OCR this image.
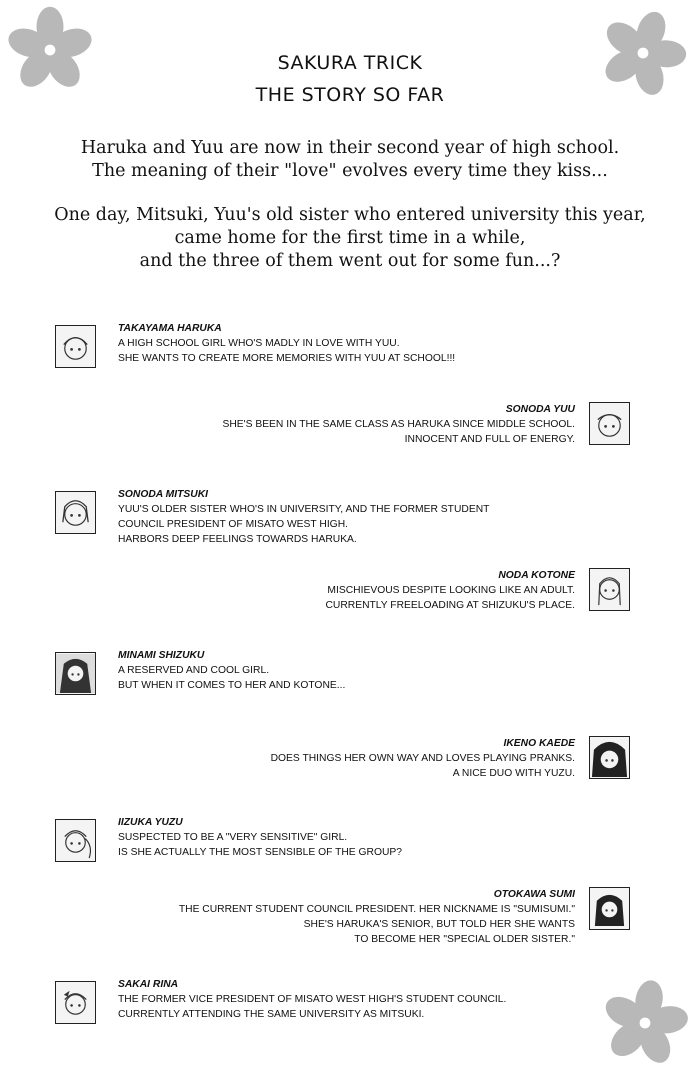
SAKURA TRICK
THE STORY SO FAR
Haruka and Yuu are now in their second year of high school.
The meaning of their "love" evolves every time they kiss...
One day, Mitsuki, Yuu's old sister who entered university this year,
came home for the first time in a while,
and the three of them went out for some fun...?
TAKAYAMA HARUKA
A HIGH SCHOOL GIRL WHO'S MADLY IN LOVE WITH YUU.
SHE WANTS TO CREATE MORE MEMORIES WITH YUU AT SCHOOL!!!
SONODA YUU
SHE'S BEEN IN THE SAME CLASS AS HARUKA SINCE MIDDLE SCHOOL.
INNOCENT AND FULL OF ENERGY.
SONODA MITSUKI
YUU'S OLDER SISTER WHO'S IN UNIVERSITY, AND THE FORMER STUDENT
COUNCIL PRESIDENT OF MISATO WEST HIGH.
HARBORS DEEP FEELINGS TOWARDS HARUKA.
NODA KOTONE
MISCHIEVOUS DESPITE LOOKING LIKE AN ADULT.
CURRENTLY FREELOADING AT SHIZUKU'S PLACE.
MINAMI SHIZUKU
A RESERVED AND COOL GIRL.
BUT WHEN IT COMES TO HER AND KOTONE...
IKENO KAEDE
DOES THINGS HER OWN WAY AND LOVES PLAYING PRANKS.
A NICE DUO WITH YUZU.
IIZUKA YUZU
SUSPECTED TO BE A "VERY SENSITIVE" GIRL.
IS SHE ACTUALLY THE MOST SENSIBLE OF THE GROUP?
OTOKAWA SUMI
THE CURRENT STUDENT COUNCIL PRESIDENT. HER NICKNAME IS "SUMISUMI."
SHE'S HARUKA'S SENIOR, BUT TOLD HER SHE WANTS
TO BECOME HER "SPECIAL OLDER SISTER."
SAKAI RINA
THE FORMER VICE PRESIDENT OF MISATO WEST HIGH'S STUDENT COUNCIL.
CURRENTLY ATTENDING THE SAME UNIVERSITY AS MITSUKI.
